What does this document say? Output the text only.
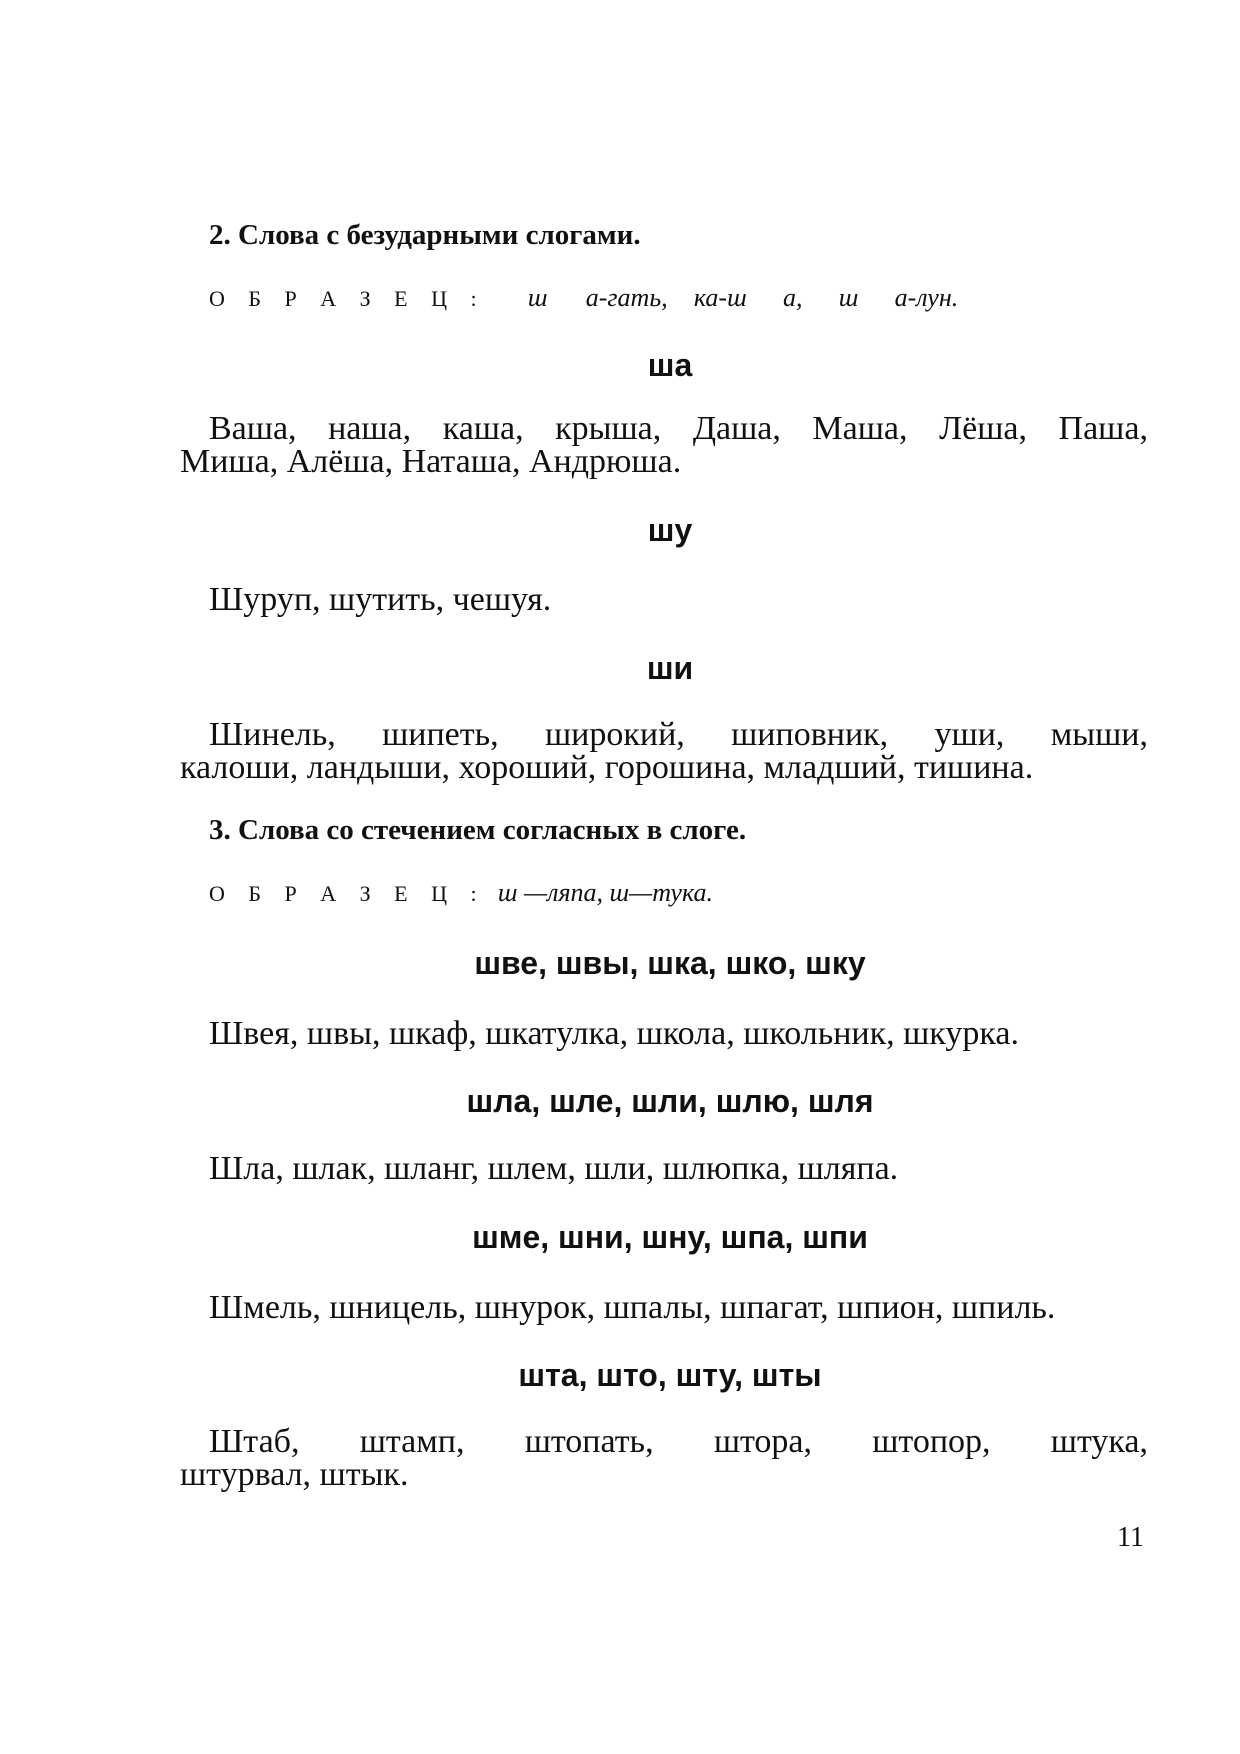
2. Слова с безударными слогами.
О Б Р А З Е Ц : ш а-гать, ка-ш а, ш а-лун.
ша
Ваша, наша, каша, крыша, Даша, Маша, Лёша, Паша,
Миша, Алёша, Наташа, Андрюша.
шу
Шуруп, шутить, чешуя.
ши
Шинель, шипеть, широкий, шиповник, уши, мыши,
калоши, ландыши, хороший, горошина, младший, тишина.
3. Слова со стечением согласных в слоге.
О Б Р А З Е Ц : ш —ляпа, ш—тука.
шве, швы, шка, шко, шку
Швея, швы, шкаф, шкатулка, школа, школьник, шкурка.
шла, шле, шли, шлю, шля
Шла, шлак, шланг, шлем, шли, шлюпка, шляпа.
шме, шни, шну, шпа, шпи
Шмель, шницель, шнурок, шпалы, шпагат, шпион, шпиль.
шта, што, шту, шты
Штаб, штамп, штопать, штора, штопор, штука,
штурвал, штык.
11
